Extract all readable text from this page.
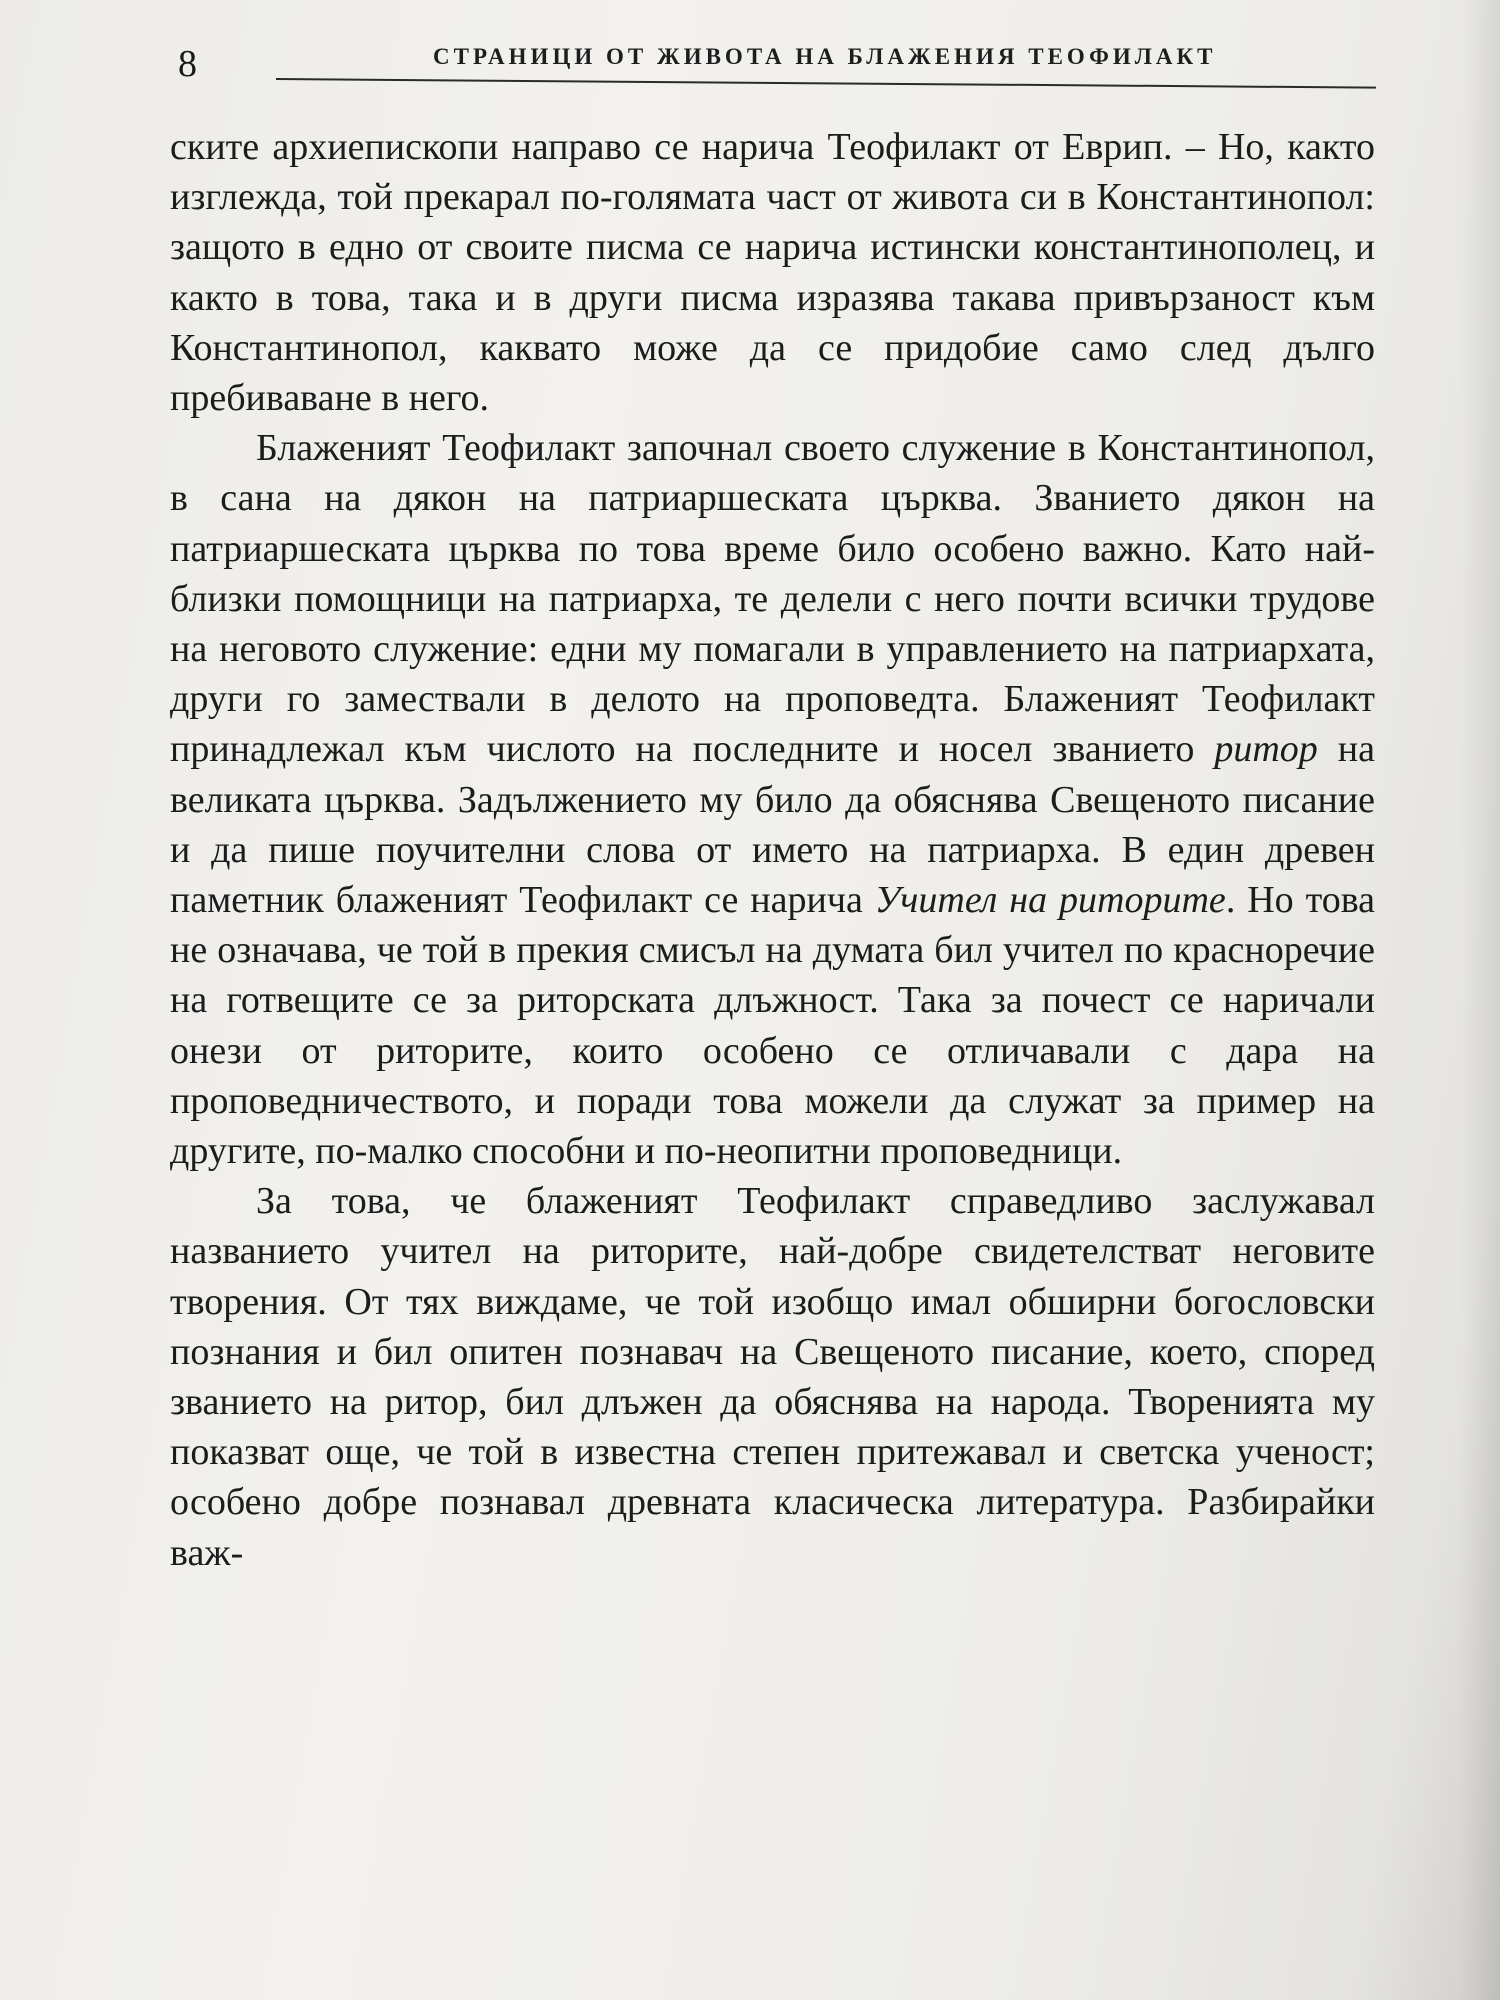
8	СТРАНИЦИ ОТ ЖИВОТА НА БЛАЖЕНИЯ ТЕОФИЛАКТ

ските архиепископи направо се нарича Теофилакт от Еврип. – Но, както изглежда, той прекарал по-голямата част от живота си в Константинопол: защото в едно от своите писма се нарича истински константинополец, и както в това, така и в други писма изразява такава привързаност към Константинопол, каквато може да се придобие само след дълго пребиваване в него.

Блаженият Теофилакт започнал своето служение в Константинопол, в сана на дякон на патриаршеската църква. Званието дякон на патриаршеската църква по това време било особено важно. Като най-близки помощници на патриарха, те делели с него почти всички трудове на неговото служение: едни му помагали в управлението на патриархата, други го замествали в делото на проповедта. Блаженият Теофилакт принадлежал към числото на последните и носел званието ритор на великата църква. Задължението му било да обяснява Свещеното писание и да пише поучителни слова от името на патриарха. В един древен паметник блаженият Теофилакт се нарича Учител на риторите. Но това не означава, че той в прекия смисъл на думата бил учител по красноречие на готвещите се за риторската длъжност. Така за почест се наричали онези от риторите, които особено се отличавали с дара на проповедничеството, и поради това можели да служат за пример на другите, по-малко способни и по-неопитни проповедници.

За това, че блаженият Теофилакт справедливо заслужавал названието учител на риторите, най-добре свидетелстват неговите творения. От тях виждаме, че той изобщо имал обширни богословски познания и бил опитен познавач на Свещеното писание, което, според званието на ритор, бил длъжен да обяснява на народа. Творенията му показват още, че той в известна степен притежавал и светска ученост; особено добре познавал древната класическа литература. Разбирайки важ-
